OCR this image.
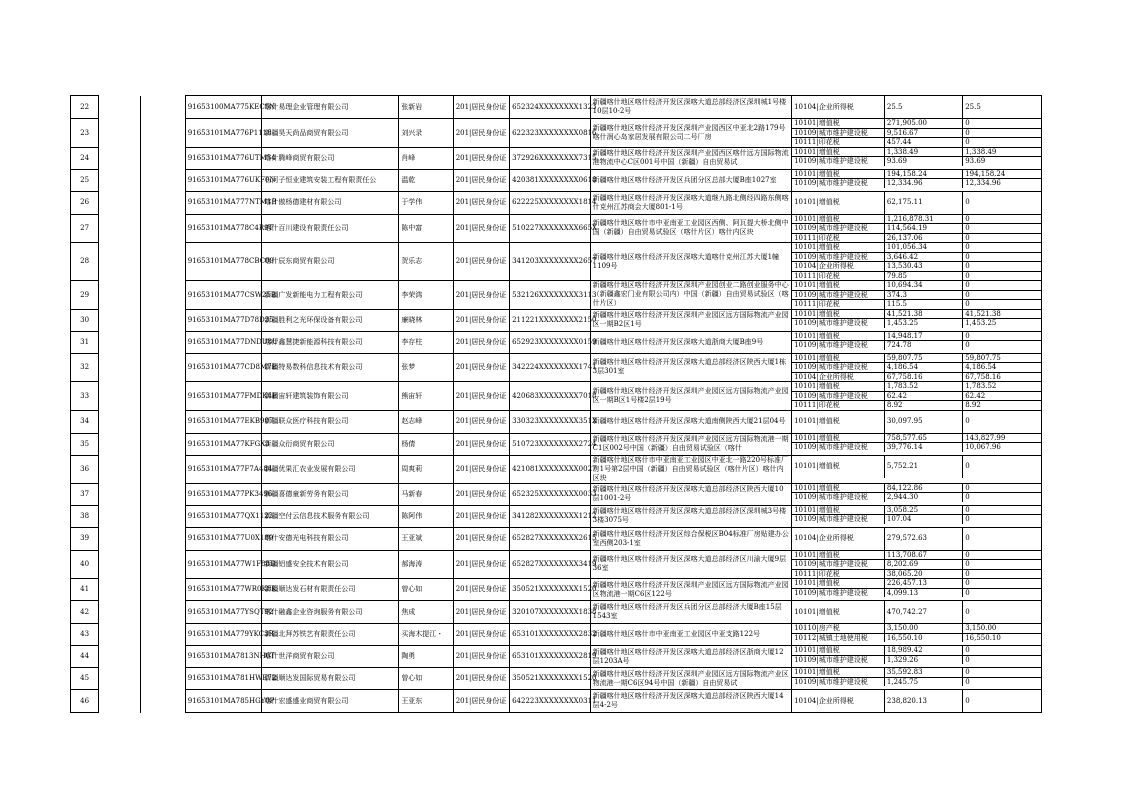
22			91653100MA775KEC5N	喀什易理企业管理有限公司	张新岩	201|居民身份证	652324XXXXXXXX1323	新疆喀什地区喀什经济开发区深喀大道总部经济区深圳城1号楼10层10-2号	
10104|企业所得税	25.5	25.5

23			91653101MA776P1118	新疆昊天尚品商贸有限公司	刘兴录	201|居民身份证	622323XXXXXXXX0816	新疆喀什地区喀什经济开发区深圳产业园西区中亚北2路179号喀什润心岛家居发展有限公司二号厂房	
10101|增值税	271,905.00	0
10109|城市维护建设税	9,516.67	0
10111|印花税	457.44	0

24			91653101MA776UTM54	喀什腾峰商贸有限公司	肖峰	201|居民身份证	372926XXXXXXXX7315	新疆喀什地区喀什经济开发区深圳产业园西区喀什远方国际物流港物流中心C区001号中国（新疆）自由贸易试	
10101|增值税	1,338.49	1,338.49
10109|城市维护建设税	93.69	93.69

25			91653101MA776UKF0N	石河子恒业建筑安装工程有限责任公	温乾	201|居民身份证	420381XXXXXXXX0618	新疆喀什地区喀什经济开发区兵团分区总部大厦B座1027室	
10101|增值税	194,158.24	194,158.24
10109|城市维护建设税	12,334.96	12,334.96

26			91653101MA777NTM1B	喀什傲杨德建材有限公司	于学伟	201|居民身份证	622225XXXXXXXX1814	新疆喀什地区喀什经济开发区深喀大道继九路北侧经四路东侧喀什克州江苏商会大厦801-1号	
10101|增值税	62,175.11	0

27			91653101MA778C4R9T	喀什百川建设有限责任公司	陈中富	201|居民身份证	510227XXXXXXXX665X	新疆喀什地区喀什市中亚南亚工业园区西侧、阿瓦提大桥北侧中国（新疆）自由贸易试验区（喀什片区）喀什内区块	
10101|增值税	1,216,878.31	0
10109|城市维护建设税	114,564.19	0
10111|印花税	26,137.06	0

28			91653101MA778CBC09	喀什辰东商贸有限公司	贺乐志	201|居民身份证	341203XXXXXXXX2657	新疆喀什地区喀什经济开发区深喀大道喀什克州江苏大厦1幢1109号	
10101|增值税	101,056.34	0
10109|城市维护建设税	3,646.42	0
10104|企业所得税	13,530.43	0
10111|印花税	79.85	0

29			91653101MA77CSW25B	新疆广发新能电力工程有限公司	李荣鸿	201|居民身份证	532126XXXXXXXX3113	新疆喀什地区喀什经济开发区深圳产业园创业二路创业服务中心（新疆鑫宏门业有限公司内）中国（新疆）自由贸易试验区（喀什片区）	
10101|增值税	10,694.34	0
10109|城市维护建设税	374.3	0
10111|印花税	115.5	0

30			91653101MA77D78D35	新疆胜利之光环保设备有限公司	廉晓林	201|居民身份证	211221XXXXXXXX2150	新疆喀什地区喀什经济开发区深圳产业园区远方国际物流产业园区一期B2区1号	
10101|增值税	41,521.38	41,521.38
10109|城市维护建设税	1,453.25	1,453.25

31			91653101MA77DNDU8U	喀什鑫慧捷新能源科技有限公司	李存柱	201|居民身份证	652923XXXXXXXX0159	新疆喀什地区喀什经济开发区深喀大道浙商大厦B座9号	
10101|增值税	14,948.17	0
10109|城市维护建设税	724.78	0

32			91653101MA77CD8M7E	新疆特易数科信息技术有限公司	张梦	201|居民身份证	342224XXXXXXXX1741	新疆喀什地区喀什经济开发区深喀大道总部经济区陕西大厦1栋3层301室	
10101|增值税	59,807.75	59,807.75
10109|城市维护建设税	4,186.54	4,186.54
10104|企业所得税	67,758.16	67,758.16

33			91653101MA77FMDK4F	新疆宙轩建筑装饰有限公司	熊宙轩	201|居民身份证	420683XXXXXXXX7018	新疆喀什地区喀什经济开发区深圳产业园区远方国际物流产业园区一期B区1号楼2层19号	
10101|增值税	1,783.52	1,783.52
10109|城市维护建设税	62.42	62.42
10111|印花税	8.92	8.92

34			91653101MA77EKB907	新疆联众医疗科技有限公司	赵志峰	201|居民身份证	330323XXXXXXXX351X	新疆喀什地区喀什经济开发区深喀大道南侧陕西大厦21层04号	10101|增值税	30,097.95	0

35			91653101MA77KFGX3	新疆众衍商贸有限公司	杨倩	201|居民身份证	510723XXXXXXXX2724	新疆喀什地区喀什经济开发区深圳产业园区远方国际物流港一期C1区002号中国（新疆）自由贸易试验区（喀什	
10101|增值税	758,577.65	143,827.99
10109|城市维护建设税	39,776.14	10,067.96

36			91653101MA77F7A484	新疆优果汇农业发展有限公司	周爽莉	201|居民身份证	421081XXXXXXXX0027	新疆喀什地区喀什市中亚南亚工业园区中亚北一路220号标准厂房1号第2层中国（新疆）自由贸易试验区（喀什片区）喀什内区块	
10101|增值税	5,752.21	0

37			91653101MA77PK3496	新疆喜德童新劳务有限公司	马新春	201|居民身份证	652325XXXXXXXX0033	新疆喀什地区喀什经济开发区深喀大道总部经济区陕西大厦10层1001-2号	
10101|增值税	84,122.86	0
10109|城市维护建设税	2,944.30	0

38			91653101MA77QX1122	新疆空付云信息技术服务有限公司	陈阿伟	201|居民身份证	341282XXXXXXXX1212	新疆喀什地区喀什经济开发区深喀大道总部经济区深圳城3号楼3楼3075号	
10101|增值税	3,058.25	0
10109|城市维护建设税	107.04	0

39			91653101MA77U0X189	喀什安德光电科技有限公司	王亚斌	201|居民身份证	652827XXXXXXXX2615	新疆喀什地区喀什经济开发区综合保税区B04标准厂房贴建办公室西侧203-1室	
10104|企业所得税	279,572.63	0

40			91653101MA77W1F88D	新疆铝盛安全技术有限公司	郝海涛	201|居民身份证	652827XXXXXXXX3419	新疆喀什地区喀什经济开发区深喀大道总部经济区川渝大厦9层36室	
10101|增值税	113,708.67	0
10109|城市维护建设税	8,202.69	0
10111|印花税	38,065.20	0

41			91653101MA77WR0K8K	新疆顺达发石材有限责任公司	曾心如	201|居民身份证	350521XXXXXXXX1520	新疆喀什地区喀什经济开发区深圳产业园区远方国际物流产业园区物流港一期C6区122号	
10101|增值税	226,457.13	0
10109|城市维护建设税	4,099.13	0

42			91653101MA77YSQT92	喀什融鑫企业咨询服务有限公司	焦成	201|居民身份证	320107XXXXXXXX1838	新疆喀什地区喀什经济开发区兵团分区总部经济大厦B座15层1543室	
10101|增值税	470,742.27	0

43			91653101MA779YKC3R	新疆北拜苏铁艺有限责任公司	买海木提江・	201|居民身份证	653101XXXXXXXX2832	新疆喀什地区喀什市中亚南亚工业园区中亚支路122号	
10110|房产税	3,150.00	3,150.00
10112|城镇土地使用税	16,550.10	16,550.10

44			91653101MA7813NH6T	喀什世洋商贸有限公司	陶勇	201|居民身份证	653101XXXXXXXX2819	新疆喀什地区喀什经济开发区深喀大道总部经济区浙商大厦12层1203A号	
10101|增值税	18,989.42	0
10109|城市维护建设税	1,329.26	0

45			91653101MA781HWE72	新疆顺达发国际贸易有限公司	曾心如	201|居民身份证	350521XXXXXXXX1520	新疆喀什地区喀什经济开发区深圳产业园区远方国际物流产业区物流港一期C6区94号中国（新疆）自由贸易试	
10101|增值税	35,592.83	0
10109|城市维护建设税	1,245.75	0

46			91653101MA785HGY0P	喀什宏盛盛业商贸有限公司	王亚东	201|居民身份证	642223XXXXXXXX0311	新疆喀什地区喀什经济开发区深喀大道总部经济区陕西大厦14层4-2号	
10104|企业所得税	238,820.13	0
